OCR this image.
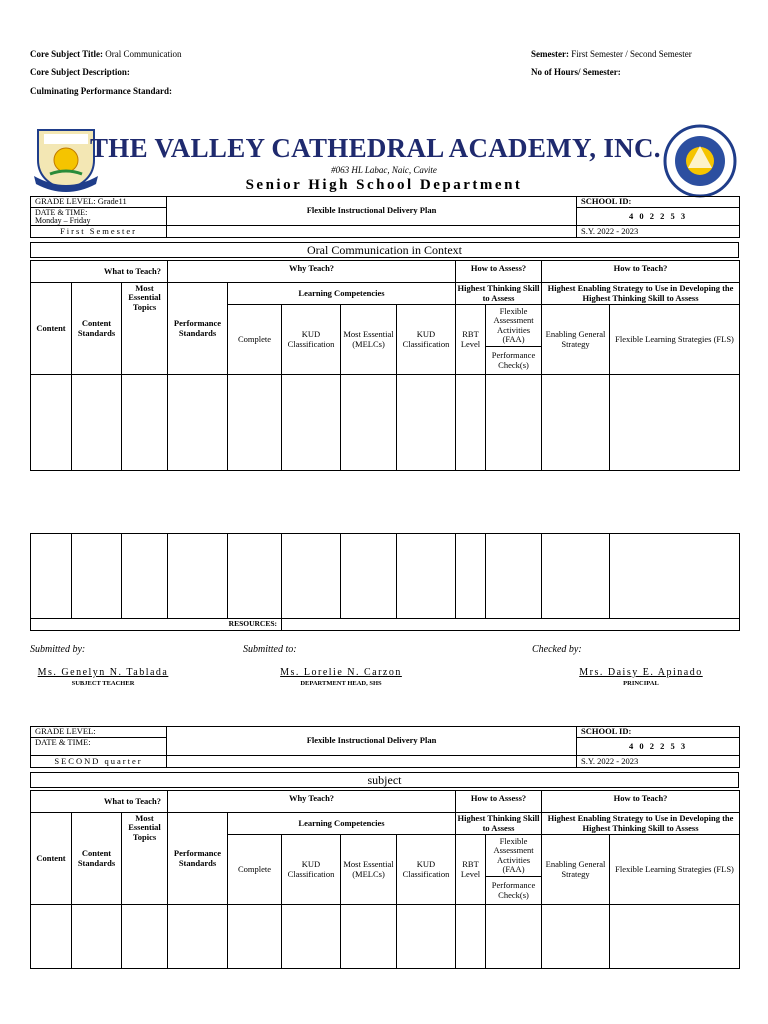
Core Subject Title: Oral Communication
Core Subject Description:
Culminating Performance Standard:
Semester: First Semester / Second Semester
No of Hours/ Semester:
THE VALLEY CATHEDRAL ACADEMY, INC.
#063 HL Labac, Naic, Cavite
Senior High School Department
GRADE LEVEL: Grade11	Flexible Instructional Delivery Plan	SCHOOL ID:
DATE & TIME:
Monday – Friday		4 0 2 2 5 3
First Semester		S.Y. 2022 - 2023
Oral Communication in Context
What to Teach?			Why Teach?					How to Assess?		How to Teach?	
Content	Content Standards	Most Essential Topics	Performance Standards	Learning Competencies				Highest Thinking Skill to Assess		Highest Enabling Strategy to Use in Developing the Highest Thinking Skill to Assess	
				Complete	KUD Classification	Most Essential (MELCs)	KUD Classification	RBT Level	Flexible Assessment Activities (FAA)	Enabling General Strategy	Flexible Learning Strategies (FLS)
									Performance Check(s)		

RESOURCES:											
Submitted by:	Submitted to:	Checked by:
Ms. Genelyn N. Tablada
SUBJECT TEACHER
Ms. Lorelie N. Carzon
DEPARTMENT HEAD, SHS
Mrs. Daisy E. Apinado
PRINCIPAL
GRADE LEVEL:	Flexible Instructional Delivery Plan	SCHOOL ID:
DATE & TIME:		4 0 2 2 5 3
SECOND quarter		S.Y. 2022 - 2023
subject
What to Teach?			Why Teach?					How to Assess?		How to Teach?	
Content	Content Standards	Most Essential Topics	Performance Standards	Learning Competencies				Highest Thinking Skill to Assess		Highest Enabling Strategy to Use in Developing the Highest Thinking Skill to Assess	
				Complete	KUD Classification	Most Essential (MELCs)	KUD Classification	RBT Level	Flexible Assessment Activities (FAA)	Enabling General Strategy	Flexible Learning Strategies (FLS)
									Performance Check(s)		
